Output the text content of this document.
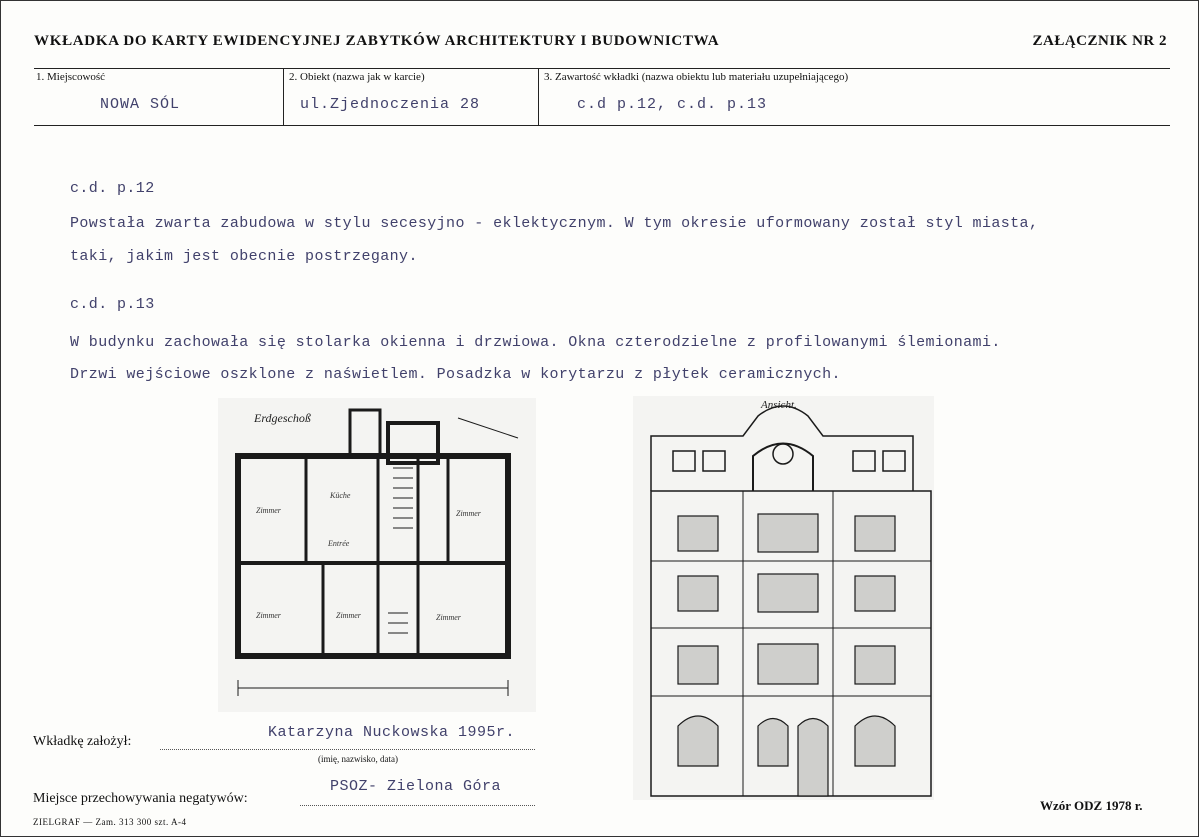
WKŁADKA DO KARTY EWIDENCYJNEJ ZABYTKÓW ARCHITEKTURY I BUDOWNICTWA	ZAŁĄCZNIK NR 2
1. Miejscowość
NOWA SÓL
2. Obiekt (nazwa jak w karcie)
ul.Zjednoczenia 28
3. Zawartość wkładki (nazwa obiektu lub materiału uzupełniającego)
c.d p.12, c.d. p.13
c.d. p.12
Powstała zwarta zabudowa w stylu secesyjno - eklektycznym. W tym okresie uformowany został styl miasta,
taki, jakim jest obecnie postrzegany.
c.d. p.13
W budynku zachowała się stolarka okienna i drzwiowa. Okna czterodzielne z profilowanymi ślemionami.
Drzwi wejściowe oszklone z naświetlem. Posadzka w korytarzu z płytek ceramicznych.
Erdgeschoß
Zimmer
Küche
Entrée
Zimmer	Zimmer	Zimmer
Zimmer
Ansicht.
Wkładkę założył:
Katarzyna Nuckowska 1995r.
(imię, nazwisko, data)
Miejsce przechowywania negatywów:
PSOZ- Zielona Góra
ZIELGRAF — Zam. 313 300 szt. A-4
Wzór ODZ 1978 r.
